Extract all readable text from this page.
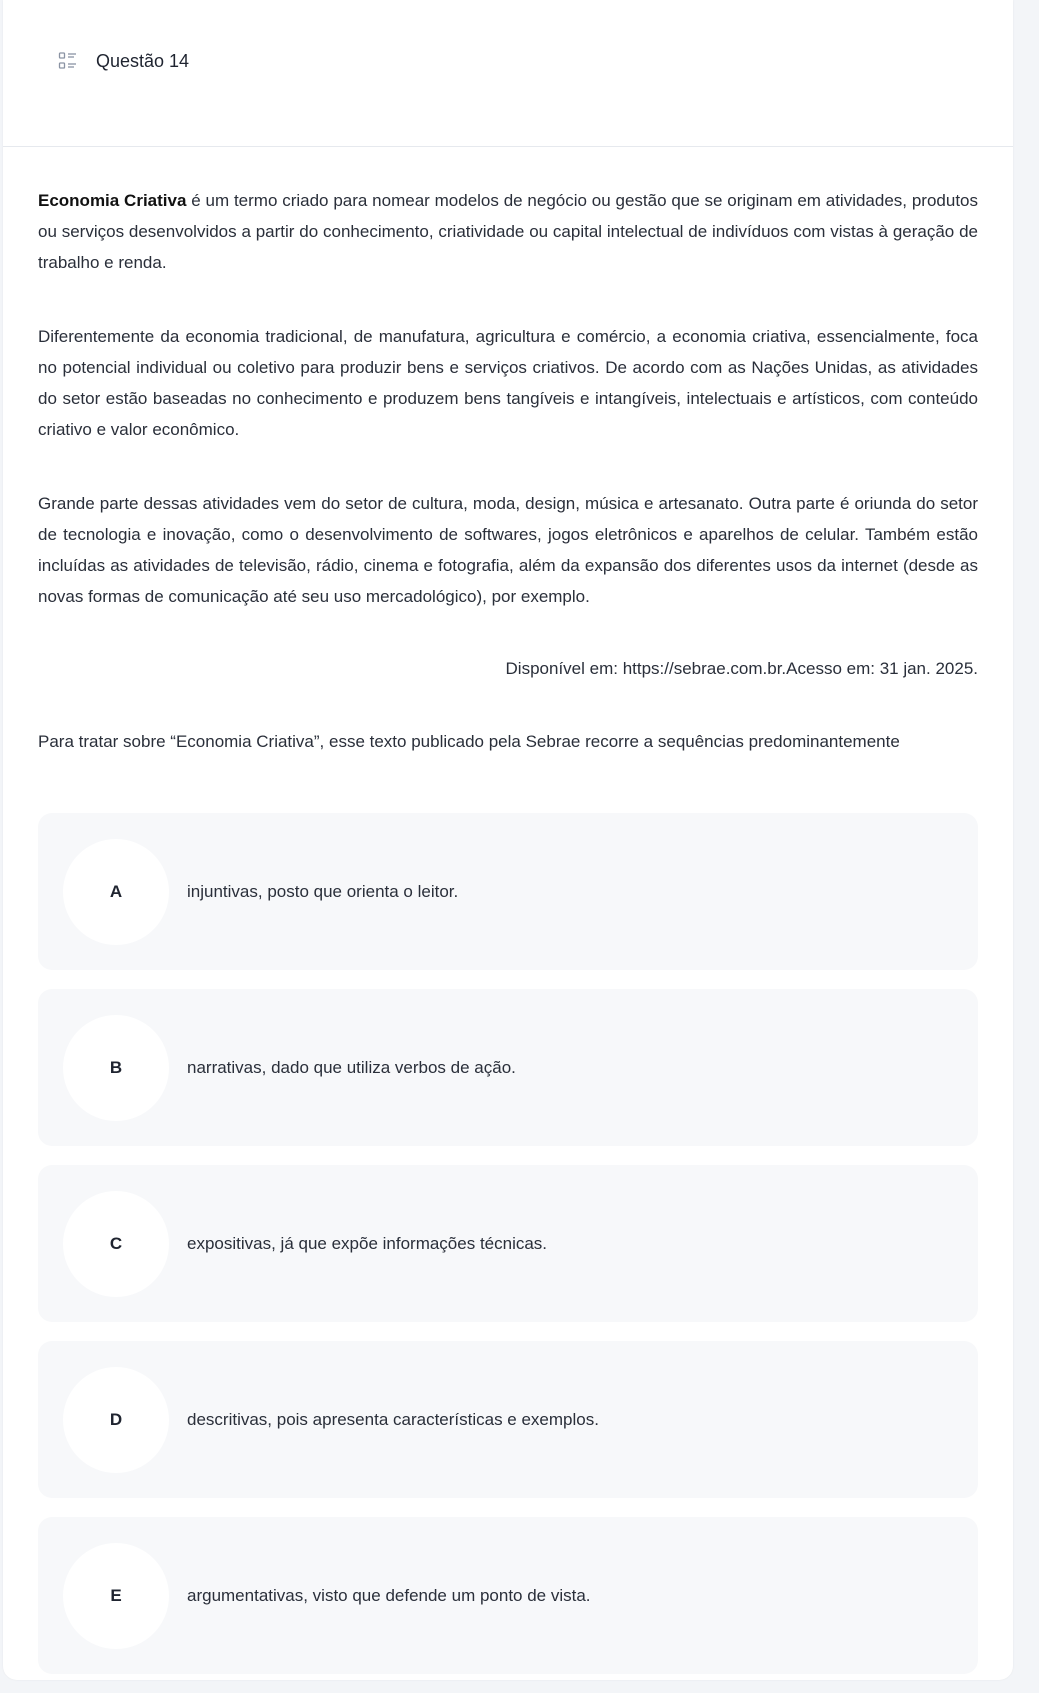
Questão 14

Economia Criativa é um termo criado para nomear modelos de negócio ou gestão que se originam em atividades, produtos ou serviços desenvolvidos a partir do conhecimento, criatividade ou capital intelectual de indivíduos com vistas à geração de trabalho e renda.

Diferentemente da economia tradicional, de manufatura, agricultura e comércio, a economia criativa, essencialmente, foca no potencial individual ou coletivo para produzir bens e serviços criativos. De acordo com as Nações Unidas, as atividades do setor estão baseadas no conhecimento e produzem bens tangíveis e intangíveis, intelectuais e artísticos, com conteúdo criativo e valor econômico.

Grande parte dessas atividades vem do setor de cultura, moda, design, música e artesanato. Outra parte é oriunda do setor de tecnologia e inovação, como o desenvolvimento de softwares, jogos eletrônicos e aparelhos de celular. Também estão incluídas as atividades de televisão, rádio, cinema e fotografia, além da expansão dos diferentes usos da internet (desde as novas formas de comunicação até seu uso mercadológico), por exemplo.

Disponível em: https://sebrae.com.br.Acesso em: 31 jan. 2025.

Para tratar sobre “Economia Criativa”, esse texto publicado pela Sebrae recorre a sequências predominantemente

A	injuntivas, posto que orienta o leitor.
B	narrativas, dado que utiliza verbos de ação.
C	expositivas, já que expõe informações técnicas.
D	descritivas, pois apresenta características e exemplos.
E	argumentativas, visto que defende um ponto de vista.
